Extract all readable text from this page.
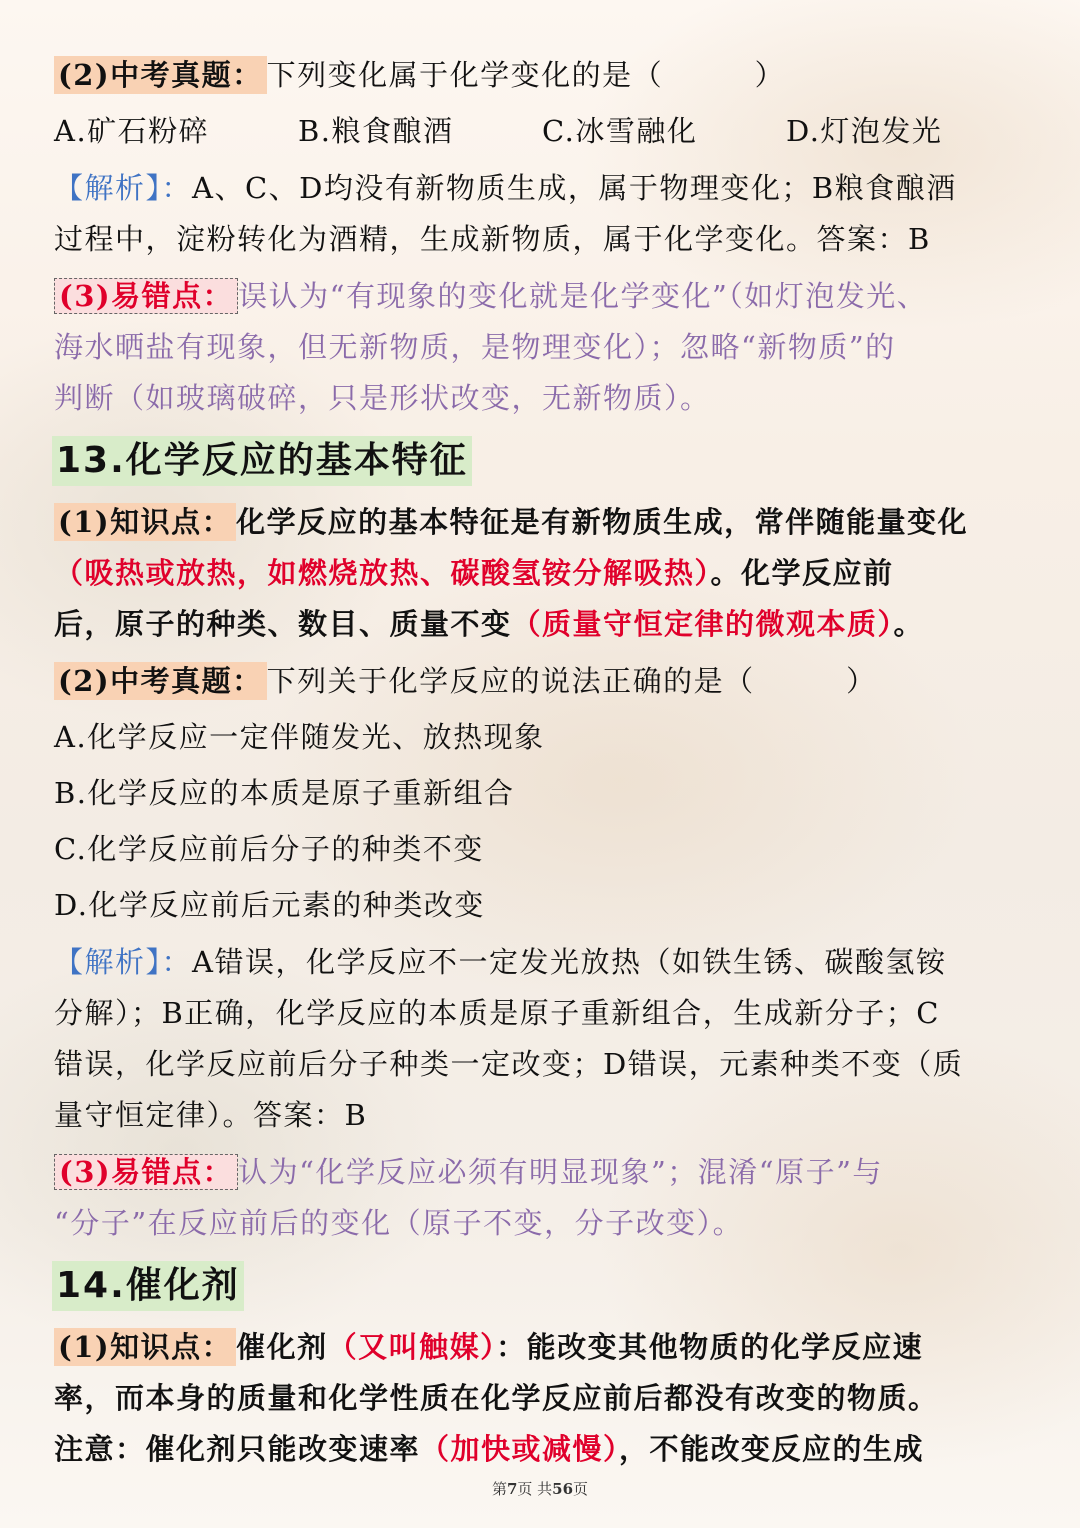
(2)中考真题： 下列变化属于化学变化的是（　　　）
A.矿石粉碎	B.粮食酿酒	C.冰雪融化	D.灯泡发光
【解析】：A、C、D均没有新物质生成，属于物理变化；B粮食酿酒
过程中，淀粉转化为酒精，生成新物质，属于化学变化。答案：B
(3)易错点： 误认为“有现象的变化就是化学变化”（如灯泡发光、
海水晒盐有现象，但无新物质，是物理变化）；忽略“新物质”的
判断（如玻璃破碎，只是形状改变，无新物质）。
13.化学反应的基本特征
(1)知识点： 化学反应的基本特征是有新物质生成，常伴随能量变化
（吸热或放热，如燃烧放热、碳酸氢铵分解吸热）。化学反应前
后，原子的种类、数目、质量不变（质量守恒定律的微观本质）。
(2)中考真题： 下列关于化学反应的说法正确的是（　　　）
A.化学反应一定伴随发光、放热现象
B.化学反应的本质是原子重新组合
C.化学反应前后分子的种类不变
D.化学反应前后元素的种类改变
【解析】：A错误，化学反应不一定发光放热（如铁生锈、碳酸氢铵
分解）；B正确，化学反应的本质是原子重新组合，生成新分子；C
错误，化学反应前后分子种类一定改变；D错误，元素种类不变（质
量守恒定律）。答案：B
(3)易错点： 认为“化学反应必须有明显现象”；混淆“原子”与
“分子”在反应前后的变化（原子不变，分子改变）。
14.催化剂
(1)知识点： 催化剂（又叫触媒）：能改变其他物质的化学反应速
率，而本身的质量和化学性质在化学反应前后都没有改变的物质。
注意：催化剂只能改变速率（加快或减慢），不能改变反应的生成
第7页 共56页
